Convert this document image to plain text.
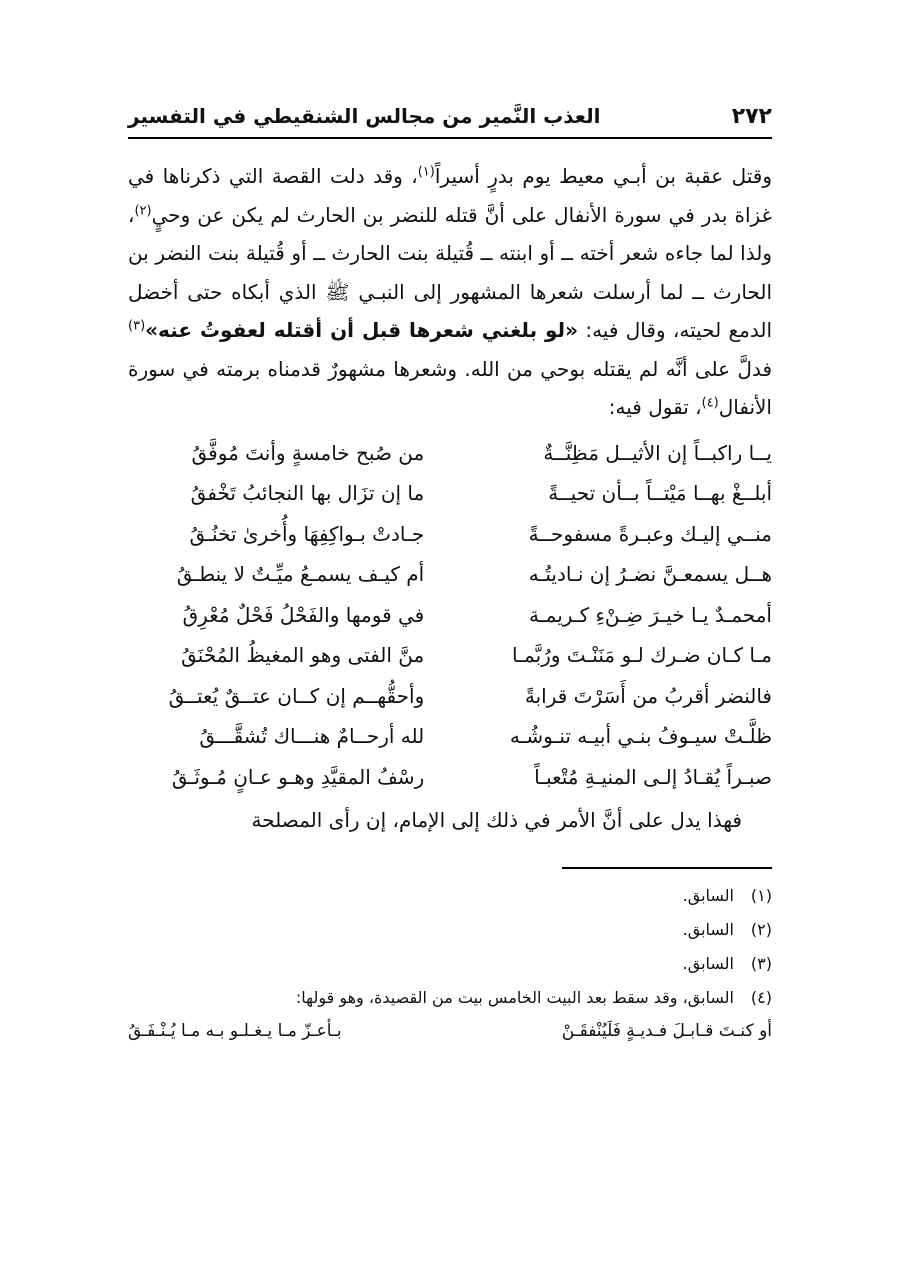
٢٧٢
العذب النَّمير من مجالس الشنقيطي في التفسير

وقتل عقبة بن أبـي معيط يوم بدرٍ أسيراً$^{(١)}$، وقد دلت القصة التي ذكرناها في غزاة بدر في سورة الأنفال على أنَّ قتله للنضر بن الحارث لم يكن عن وحيٍ$^{(٢)}$، ولذا لما جاءه شعر أخته ــ أو ابنته ــ قُتيلة بنت الحارث ــ أو قُتيلة بنت النضر بن الحارث ــ لما أرسلت شعرها المشهور إلى النبـي ﷺ الذي أبكاه حتى أخضل الدمع لحيته، وقال فيه: «لو بلغني شعرها قبل أن أقتله لعفوتُ عنه»$^{(٣)}$ فدلَّ على أنَّه لم يقتله بوحي من الله. وشعرها مشهورٌ قدمناه برمته في سورة الأنفال$^{(٤)}$، تقول فيه:

يــا راكبــاً إن الأثيــل مَظِنَّــةٌ
من صُبح خامسةٍ وأنتَ مُوفَّقُ
أبلــغْ بهــا مَيْتــاً بــأن تحيــةً
ما إن تزَال بها النجائبُ تَخْفقُ
منــي إليـك وعبـرةً مسفوحــةً
جـادتْ بـواكِفِهَا وأُخرىٰ تخنُـقُ
هــل يسمعـنَّ نضـرُ إن نـاديتُـه
أم كيـف يسمـعُ ميِّـتٌ لا ينطـقُ
أمحمـدٌ يـا خيـرَ ضِـنْءِ كـريمـة
في قومها والفَحْلُ فَحْلٌ مُعْرِقُ
مـا كـان ضـرك لـو مَنَنْـتَ ورُبَّمـا
منَّ الفتى وهو المغيظُ المُحْنَقُ
فالنضر أقربُ من أَسَرْتَ قرابةً
وأحقُّهــم إن كــان عتــقٌ يُعتــقُ
ظلَّـتْ سيـوفُ بنـي أبيـه تنـوشُـه
لله أرحــامٌ هنـــاك تُشقَّـــقُ
صبـراً يُقـادُ إلـى المنيـةِ مُتْعبـاً
رسْفُ المقيَّدِ وهـو عـانٍ مُـوثَـقُ
فهذا يدل على أنَّ الأمر في ذلك إلى الإمام، إن رأى المصلحة
(١)
السابق.
(٢)
السابق.
(٣)
السابق.
(٤)
السابق، وقد سقط بعد البيت الخامس بيت من القصيدة، وهو قولها:
أو كنـتَ قـابـلَ فـديـةٍ فَلَيُنْفقَـنْ
بـأعـزّ مـا يـغـلـو بـه مـا يُـنْـفَـقُ
